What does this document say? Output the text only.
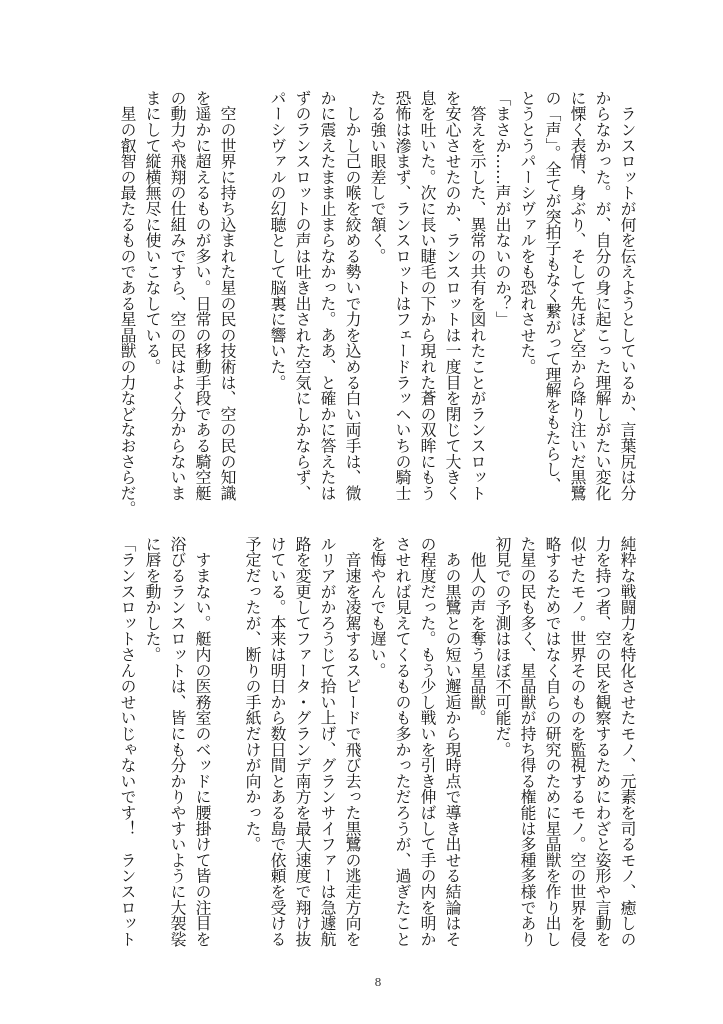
　ランスロットが何を伝えようとしているか、言葉尻は分
からなかった。が、自分の身に起こった理解しがたい変化
に慄く表情、身ぶり、そして先ほど空から降り注いだ黒鷺
の「声」。全てが突拍子もなく繋がって理解をもたらし、
とうとうパーシヴァルをも恐れさせた。
「まさか……声が出ないのか？」
　答えを示した、異常の共有を図れたことがランスロット
を安心させたのか、ランスロットは一度目を閉じて大きく
息を吐いた。次に長い睫毛の下から現れた蒼の双眸にもう
恐怖は滲まず、ランスロットはフェードラッヘいちの騎士
たる強い眼差しで頷く。
　しかし己の喉を絞める勢いで力を込める白い両手は、微
かに震えたまま止まらなかった。ああ、と確かに答えたは
ずのランスロットの声は吐き出された空気にしかならず、
パーシヴァルの幻聴として脳裏に響いた。
　空の世界に持ち込まれた星の民の技術は、空の民の知識
を遥かに超えるものが多い。日常の移動手段である騎空艇
の動力や飛翔の仕組みですら、空の民はよく分からないま
まにして縦横無尽に使いこなしている。
　星の叡智の最たるものである星晶獣の力などなおさらだ。
純粋な戦闘力を特化させたモノ、元素を司るモノ、癒しの
力を持つ者、空の民を観察するためにわざと姿形や言動を
似せたモノ。世界そのものを監視するモノ。空の世界を侵
略するためではなく自らの研究のために星晶獣を作り出し
た星の民も多く、星晶獣が持ち得る権能は多種多様であり
初見での予測はほぼ不可能だ。
　他人の声を奪う星晶獣。
　あの黒鷺との短い邂逅から現時点で導き出せる結論はそ
の程度だった。もう少し戦いを引き伸ばして手の内を明か
させれば見えてくるものも多かっただろうが、過ぎたこと
を悔やんでも遅い。
　音速を凌駕するスピードで飛び去った黒鷺の逃走方向を
ルリアがかろうじて拾い上げ、グランサイファーは急遽航
路を変更してファータ・グランデ南方を最大速度で翔け抜
けている。本来は明日から数日間とある島で依頼を受ける
予定だったが、断りの手紙だけが向かった。
　すまない。艇内の医務室のベッドに腰掛けて皆の注目を
浴びるランスロットは、皆にも分かりやすいように大袈裟
に唇を動かした。
「ランスロットさんのせいじゃないです！　ランスロット
8
